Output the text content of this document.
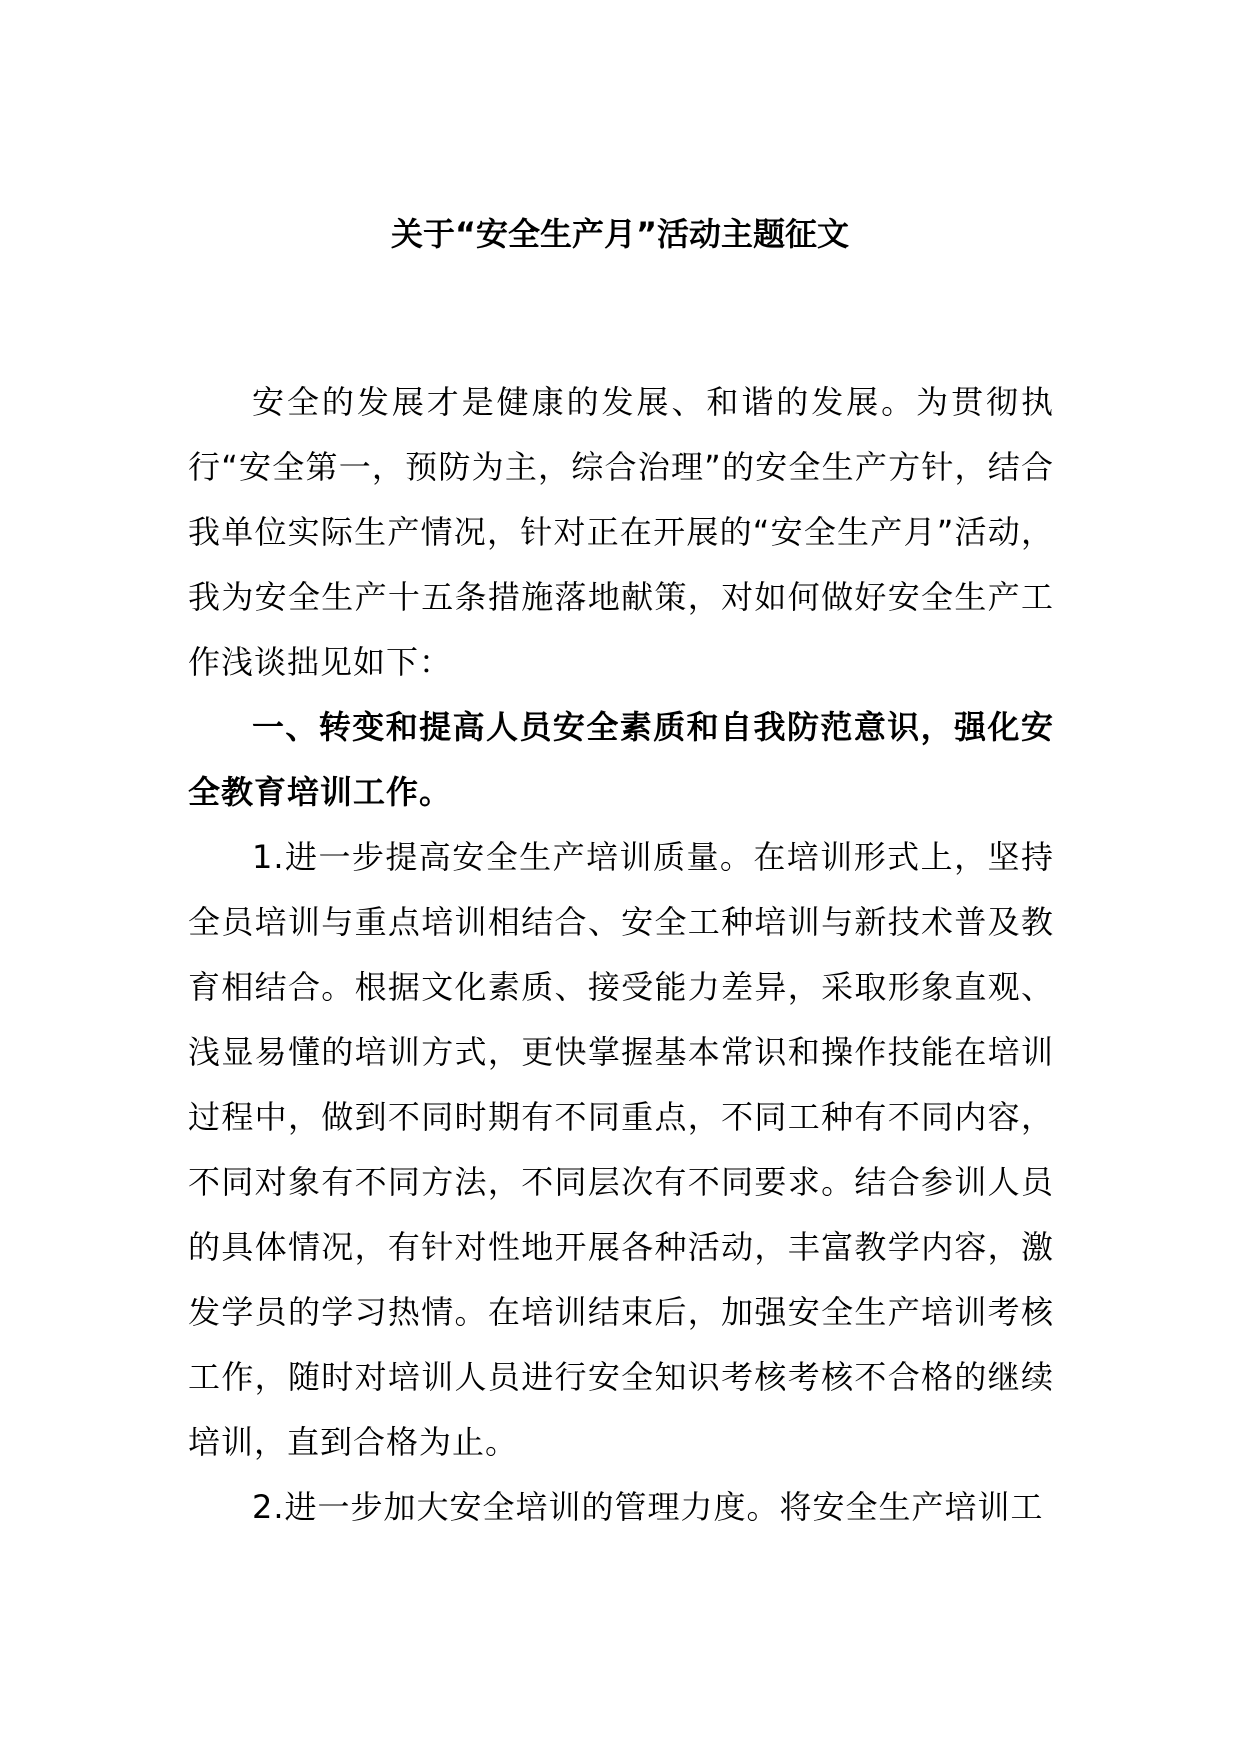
关于“安全生产月”活动主题征文

安全的发展才是健康的发展、和谐的发展。为贯彻执行“安全第一，预防为主，综合治理”的安全生产方针，结合我单位实际生产情况，针对正在开展的“安全生产月”活动，我为安全生产十五条措施落地献策，对如何做好安全生产工作浅谈拙见如下：

一、转变和提高人员安全素质和自我防范意识，强化安全教育培训工作。

1.进一步提高安全生产培训质量。在培训形式上，坚持全员培训与重点培训相结合、安全工种培训与新技术普及教育相结合。根据文化素质、接受能力差异，采取形象直观、浅显易懂的培训方式，更快掌握基本常识和操作技能在培训过程中，做到不同时期有不同重点，不同工种有不同内容，不同对象有不同方法，不同层次有不同要求。结合参训人员的具体情况，有针对性地开展各种活动，丰富教学内容，激发学员的学习热情。在培训结束后，加强安全生产培训考核工作，随时对培训人员进行安全知识考核考核不合格的继续培训，直到合格为止。

2.进一步加大安全培训的管理力度。将安全生产培训工
